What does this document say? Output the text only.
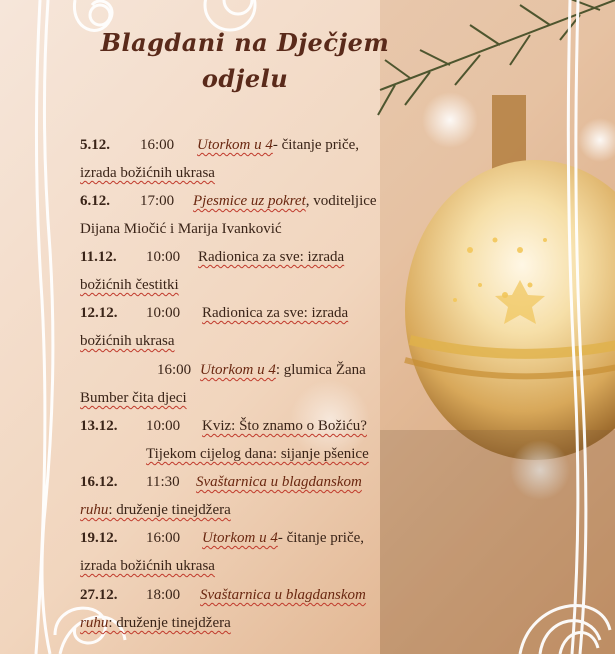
Blagdani na Dječjem
odjelu
5.12. 16:00 Utorkom u 4- čitanje priče,
izrada božićnih ukrasa
6.12. 17:00 Pjesmice uz pokret, voditeljice
Dijana Miočić i Marija Ivanković
11.12. 10:00 Radionica za sve: izrada
božićnih čestitki
12.12. 10:00 Radionica za sve: izrada
božićnih ukrasa
16:00 Utorkom u 4: glumica Žana
Bumber čita djeci
13.12. 10:00 Kviz: Što znamo o Božiću?
Tijekom cijelog dana: sijanje pšenice
16.12. 11:30 Svaštarnica u blagdanskom
ruhu: druženje tinejdžera
19.12. 16:00 Utorkom u 4- čitanje priče,
izrada božićnih ukrasa
27.12. 18:00 Svaštarnica u blagdanskom
ruhu: druženje tinejdžera
